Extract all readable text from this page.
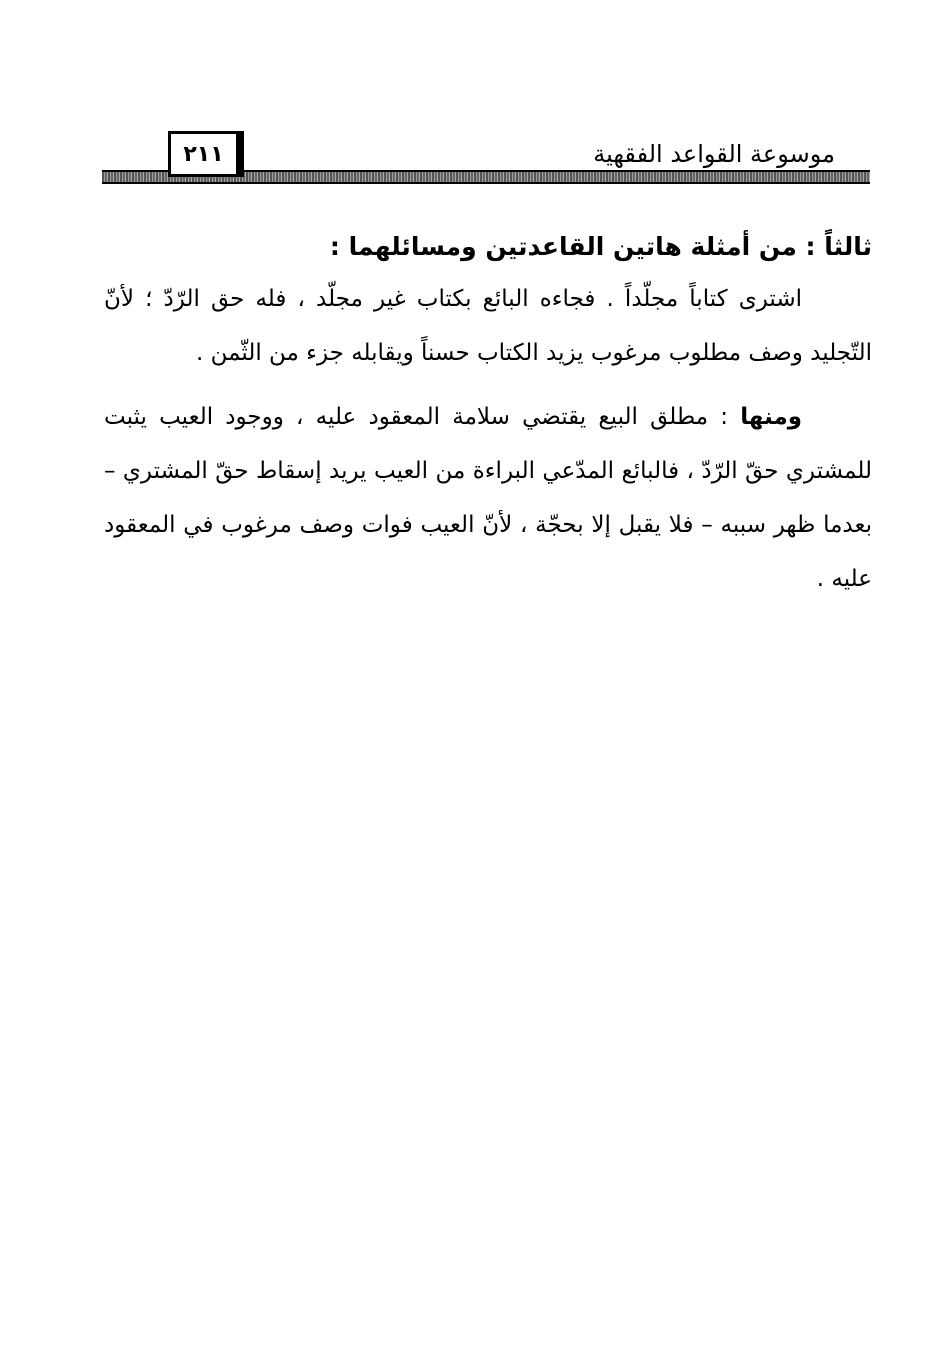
موسوعة القواعد الفقهية
٢١١

ثالثاً : من أمثلة هاتين القاعدتين ومسائلهما :

اشترى كتاباً مجلّداً . فجاءه البائع بكتاب غير مجلّد ، فله حق الرّدّ ؛ لأنّ التّجليد وصف مطلوب مرغوب يزيد الكتاب حسناً ويقابله جزء من الثّمن .

ومنها : مطلق البيع يقتضي سلامة المعقود عليه ، ووجود العيب يثبت للمشتري حقّ الرّدّ ، فالبائع المدّعي البراءة من العيب يريد إسقاط حقّ المشتري – بعدما ظهر سببه – فلا يقبل إلا بحجّة ، لأنّ العيب فوات وصف مرغوب في المعقود عليه .
